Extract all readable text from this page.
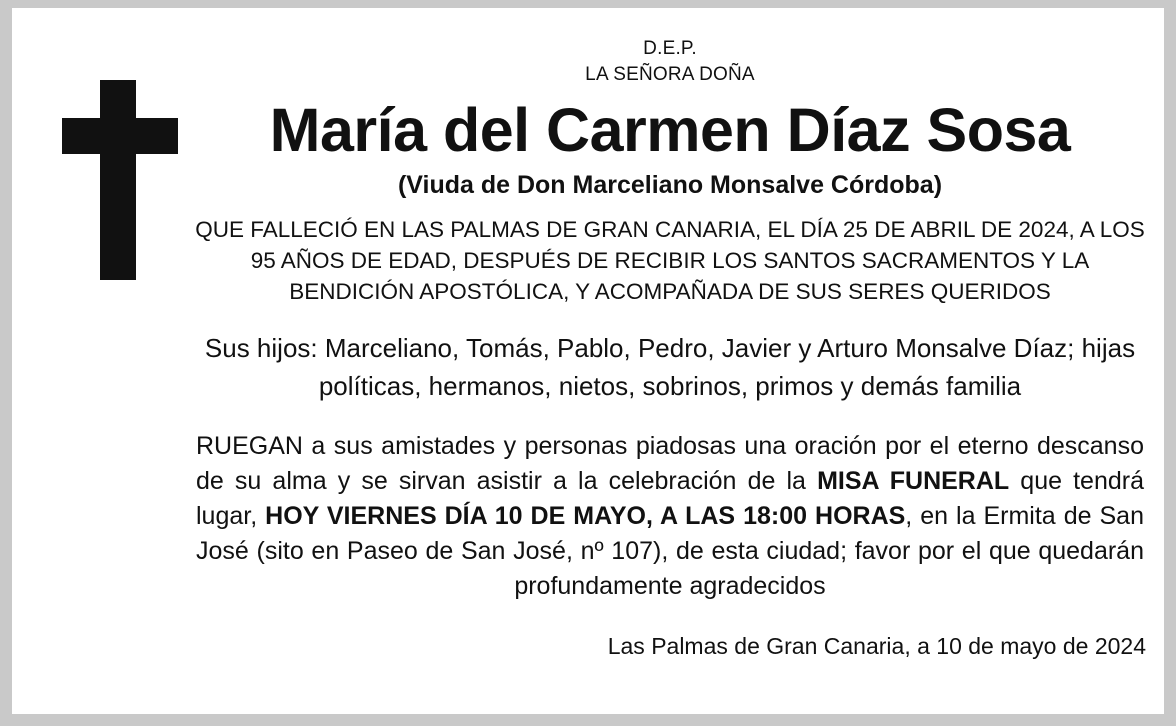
D.E.P.
LA SEÑORA DOÑA
María del Carmen Díaz Sosa
(Viuda de Don Marceliano Monsalve Córdoba)
QUE FALLECIÓ EN LAS PALMAS DE GRAN CANARIA, EL DÍA 25 DE ABRIL DE 2024, A LOS 95 AÑOS DE EDAD, DESPUÉS DE RECIBIR LOS SANTOS SACRAMENTOS Y LA BENDICIÓN APOSTÓLICA, Y ACOMPAÑADA DE SUS SERES QUERIDOS
Sus hijos: Marceliano, Tomás, Pablo, Pedro, Javier y Arturo Monsalve Díaz; hijas políticas, hermanos, nietos, sobrinos, primos y demás familia
RUEGAN a sus amistades y personas piadosas una oración por el eterno descanso de su alma y se sirvan asistir a la celebración de la MISA FUNERAL que tendrá lugar, HOY VIERNES DÍA 10 DE MAYO, A LAS 18:00 HORAS, en la Ermita de San José (sito en Paseo de San José, nº 107), de esta ciudad; favor por el que quedarán profundamente agradecidos
Las Palmas de Gran Canaria, a 10 de mayo de 2024
